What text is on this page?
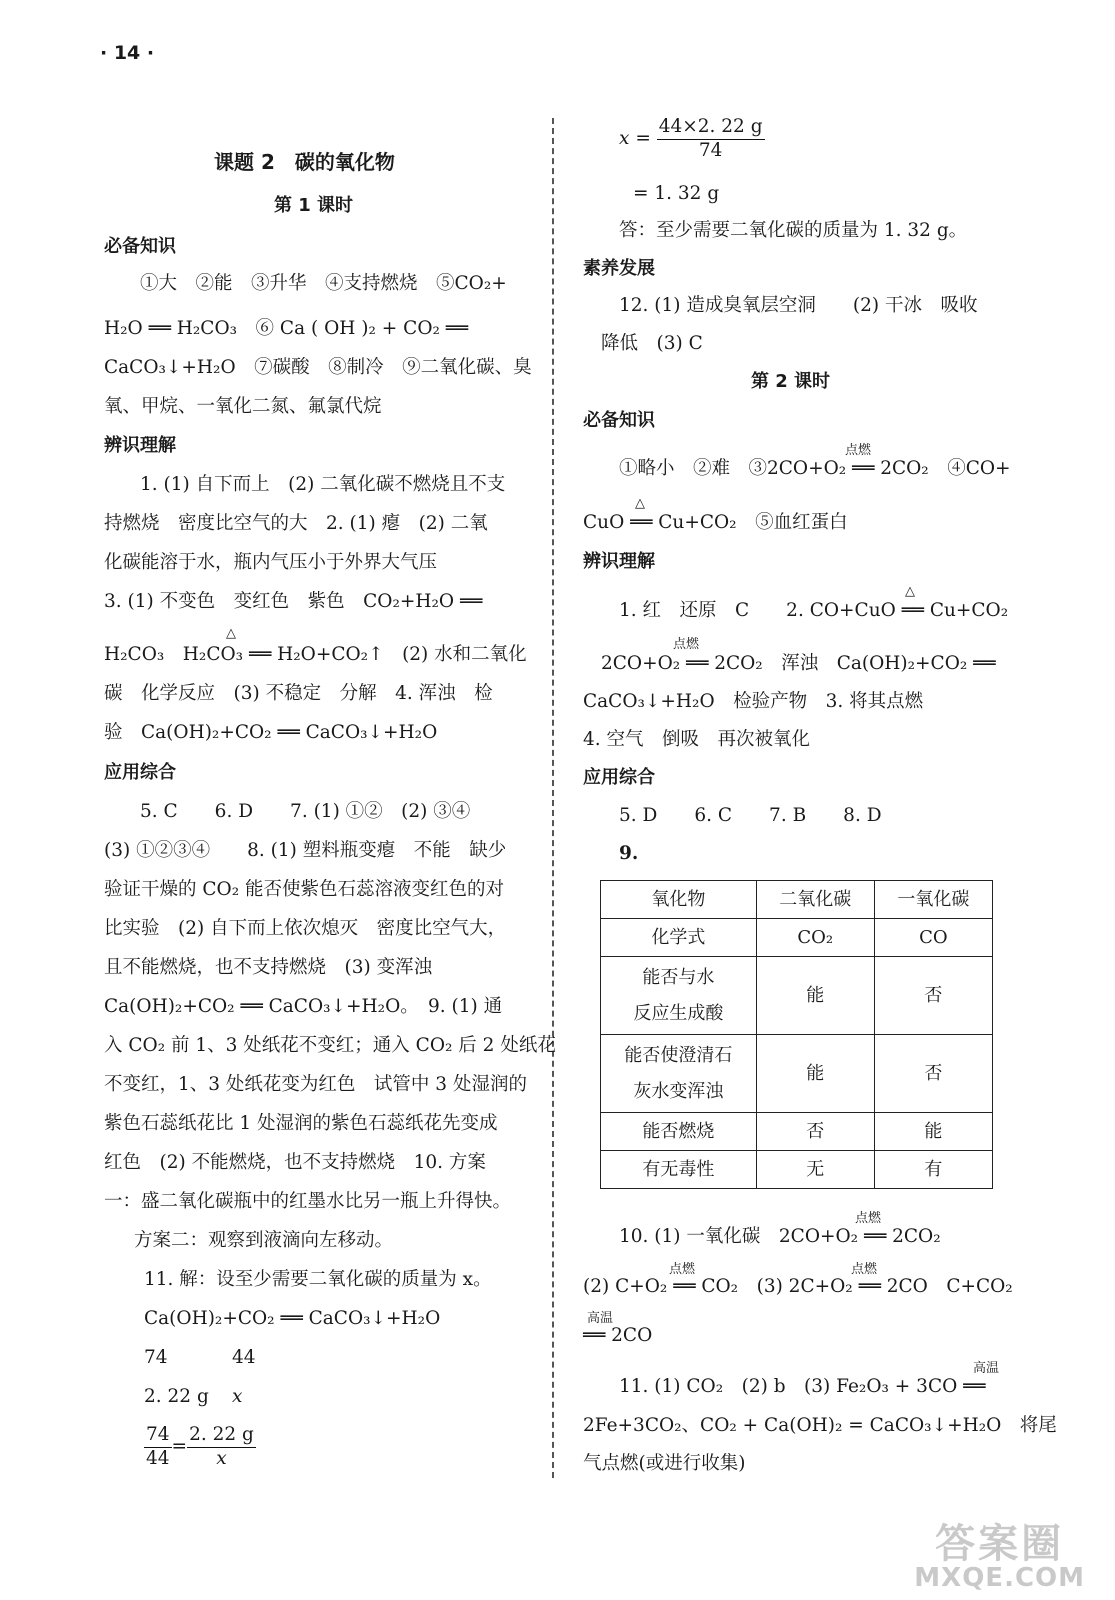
· 14 ·
课题 2　碳的氧化物
第 1 课时
必备知识
①大　②能　③升华　④支持燃烧　⑤CO₂+
H₂O ══ H₂CO₃　⑥ Ca ( OH )₂ + CO₂ ══
CaCO₃↓+H₂O　⑦碳酸　⑧制冷　⑨二氧化碳、臭
氧、甲烷、一氧化二氮、氟氯代烷
辨识理解
1. (1) 自下而上　(2) 二氧化碳不燃烧且不支
持燃烧　密度比空气的大　2. (1) 瘪　(2) 二氧
化碳能溶于水，瓶内气压小于外界大气压
3. (1) 不变色　变红色　紫色　CO₂+H₂O ══
△
H₂CO₃　H₂CO₃ ══ H₂O+CO₂↑　(2) 水和二氧化
碳　化学反应　(3) 不稳定　分解　4. 浑浊　检
验　Ca(OH)₂+CO₂ ══ CaCO₃↓+H₂O
应用综合
5. C　　6. D　　7. (1) ①②　(2) ③④
(3) ①②③④　　8. (1) 塑料瓶变瘪　不能　缺少
验证干燥的 CO₂ 能否使紫色石蕊溶液变红色的对
比实验　(2) 自下而上依次熄灭　密度比空气大，
且不能燃烧，也不支持燃烧　(3) 变浑浊
Ca(OH)₂+CO₂ ══ CaCO₃↓+H₂O。　9. (1) 通
入 CO₂ 前 1、3 处纸花不变红；通入 CO₂ 后 2 处纸花
不变红，1、3 处纸花变为红色　试管中 3 处湿润的
紫色石蕊纸花比 1 处湿润的紫色石蕊纸花先变成
红色　(2) 不能燃烧，也不支持燃烧　10. 方案
一：盛二氧化碳瓶中的红墨水比另一瓶上升得快。
方案二：观察到液滴向左移动。
11. 解：设至少需要二氧化碳的质量为 x。
Ca(OH)₂+CO₂ ══ CaCO₃↓+H₂O
74	44
2. 22 g x
$\frac{74}{44} = \frac{2. 22 g}{x}$
$x = \frac{44\times 2. 22 g}{74}$
= 1. 32 g
答：至少需要二氧化碳的质量为 1. 32 g。
素养发展
12. (1) 造成臭氧层空洞　　(2) 干冰　吸收
降低　(3) C
第 2 课时
必备知识
点燃
①略小　②难　③2CO+O₂ ══ 2CO₂　④CO+
△
CuO ══ Cu+CO₂　⑤血红蛋白
辨识理解
△
1. 红　还原　C　　2. CO+CuO ══ Cu+CO₂
点燃
2CO+O₂ ══ 2CO₂　浑浊　Ca(OH)₂+CO₂ ══
CaCO₃↓+H₂O　检验产物　3. 将其点燃
4. 空气　倒吸　再次被氧化
应用综合
5. D　　6. C　　7. B　　8. D
9.
点燃
10. (1) 一氧化碳　2CO+O₂ ══ 2CO₂
点燃	点燃
(2) C+O₂ ══ CO₂　(3) 2C+O₂ ══ 2CO　C+CO₂
高温
══ 2CO
高温
11. (1) CO₂　(2) b　(3) Fe₂O₃ + 3CO ══
2Fe+3CO₂、CO₂ + Ca(OH)₂ = CaCO₃↓+H₂O　将尾
气点燃(或进行收集)
氧化物	二氧化碳	一氧化碳

化学式	CO₂	CO

能否与水
反应生成酸	能	否

能否使澄清石
灰水变浑浊	能	否

能否燃烧	否	能

有无毒性	无	有
答案圈
MXQE.COM
